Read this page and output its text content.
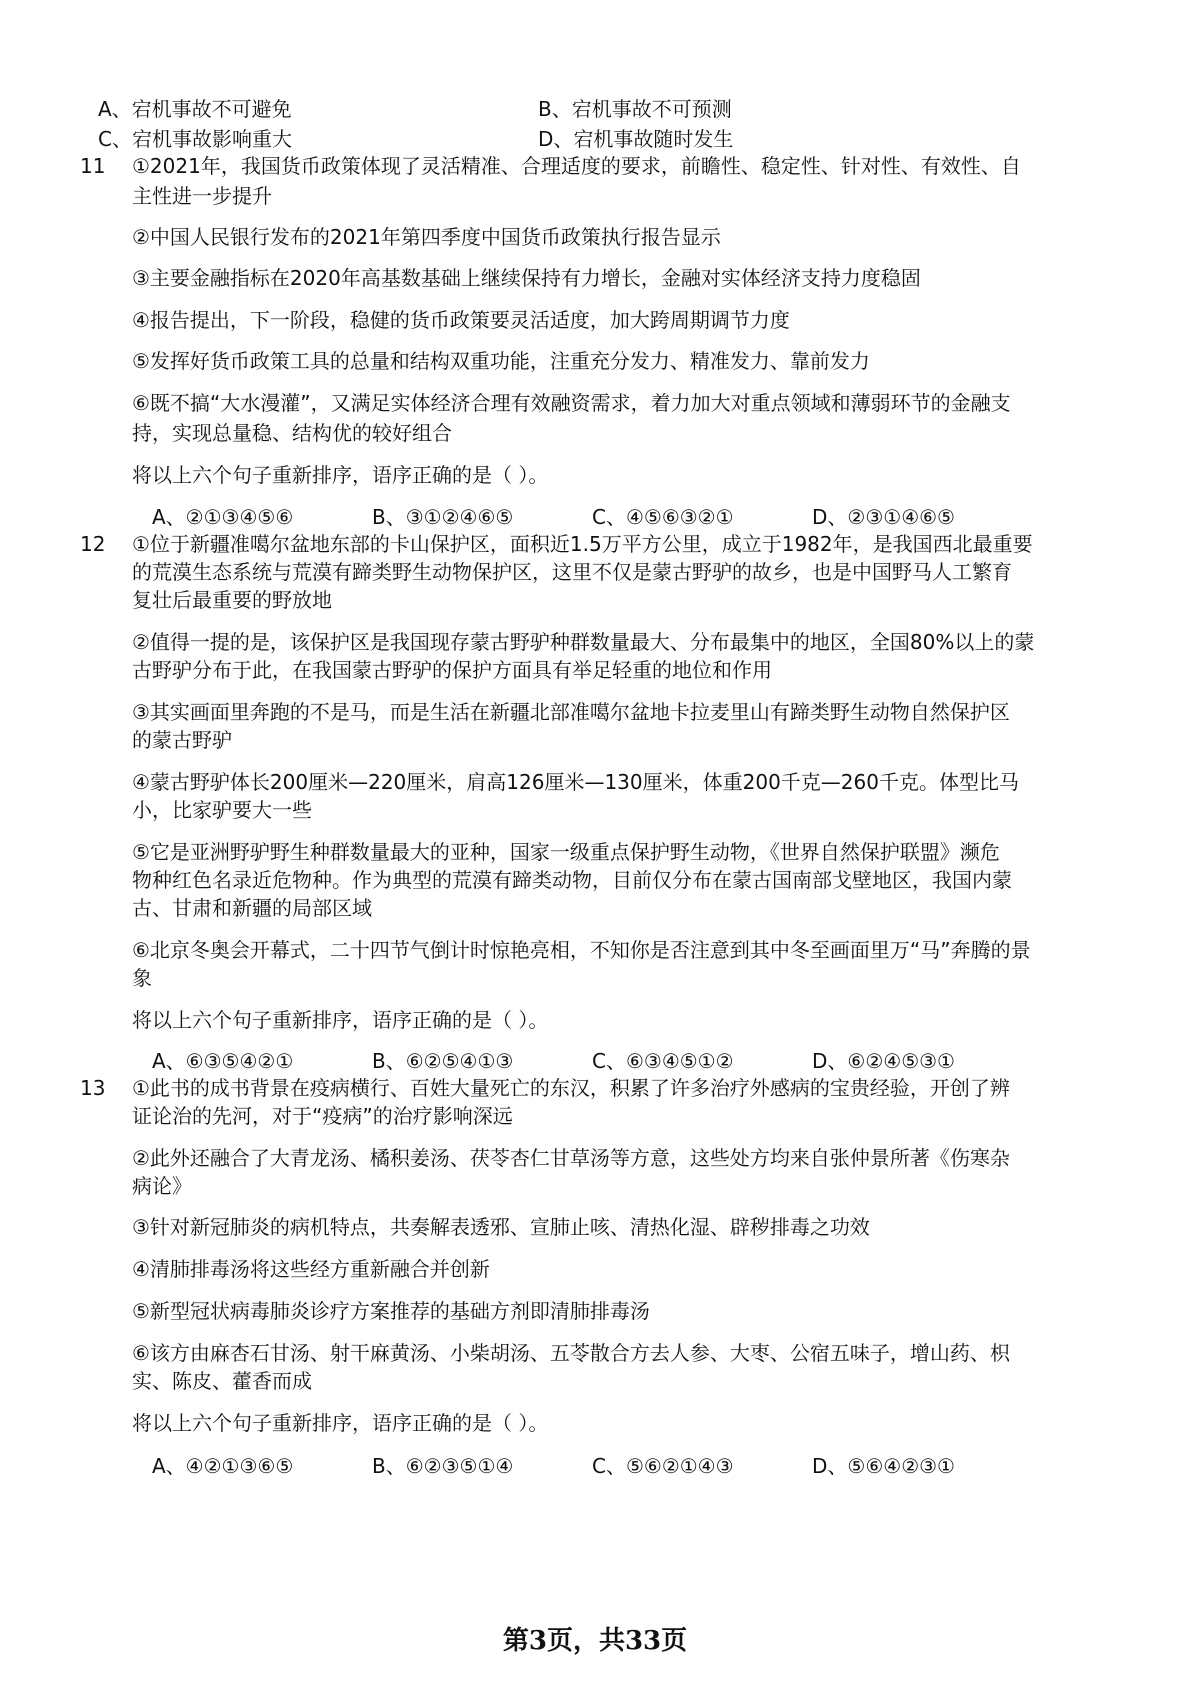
A、宕机事故不可避免	B、宕机事故不可预测
C、宕机事故影响重大	D、宕机事故随时发生
11 ①2021年，我国货币政策体现了灵活精准、合理适度的要求，前瞻性、稳定性、针对性、有效性、自
主性进一步提升
②中国人民银行发布的2021年第四季度中国货币政策执行报告显示
③主要金融指标在2020年高基数基础上继续保持有力增长，金融对实体经济支持力度稳固
④报告提出，下一阶段，稳健的货币政策要灵活适度，加大跨周期调节力度
⑤发挥好货币政策工具的总量和结构双重功能，注重充分发力、精准发力、靠前发力
⑥既不搞“大水漫灌”，又满足实体经济合理有效融资需求，着力加大对重点领域和薄弱环节的金融支
持，实现总量稳、结构优的较好组合
将以上六个句子重新排序，语序正确的是（ ）。
A、②①③④⑤⑥	B、③①②④⑥⑤	C、④⑤⑥③②①	D、②③①④⑥⑤
12 ①位于新疆准噶尔盆地东部的卡山保护区，面积近1.5万平方公里，成立于1982年，是我国西北最重要
的荒漠生态系统与荒漠有蹄类野生动物保护区，这里不仅是蒙古野驴的故乡，也是中国野马人工繁育
复壮后最重要的野放地
②值得一提的是，该保护区是我国现存蒙古野驴种群数量最大、分布最集中的地区，全国80%以上的蒙
古野驴分布于此，在我国蒙古野驴的保护方面具有举足轻重的地位和作用
③其实画面里奔跑的不是马，而是生活在新疆北部准噶尔盆地卡拉麦里山有蹄类野生动物自然保护区
的蒙古野驴
④蒙古野驴体长200厘米—220厘米，肩高126厘米—130厘米，体重200千克—260千克。体型比马
小，比家驴要大一些
⑤它是亚洲野驴野生种群数量最大的亚种，国家一级重点保护野生动物，《世界自然保护联盟》濒危
物种红色名录近危物种。作为典型的荒漠有蹄类动物，目前仅分布在蒙古国南部戈壁地区，我国内蒙
古、甘肃和新疆的局部区域
⑥北京冬奥会开幕式，二十四节气倒计时惊艳亮相，不知你是否注意到其中冬至画面里万“马”奔腾的景
象
将以上六个句子重新排序，语序正确的是（ ）。
A、⑥③⑤④②①	B、⑥②⑤④①③	C、⑥③④⑤①②	D、⑥②④⑤③①
13 ①此书的成书背景在疫病横行、百姓大量死亡的东汉，积累了许多治疗外感病的宝贵经验，开创了辨
证论治的先河，对于“疫病”的治疗影响深远
②此外还融合了大青龙汤、橘积姜汤、茯苓杏仁甘草汤等方意，这些处方均来自张仲景所著《伤寒杂
病论》
③针对新冠肺炎的病机特点，共奏解表透邪、宣肺止咳、清热化湿、辟秽排毒之功效
④清肺排毒汤将这些经方重新融合并创新
⑤新型冠状病毒肺炎诊疗方案推荐的基础方剂即清肺排毒汤
⑥该方由麻杏石甘汤、射干麻黄汤、小柴胡汤、五苓散合方去人参、大枣、公宿五味子，增山药、枳
实、陈皮、藿香而成
将以上六个句子重新排序，语序正确的是（ ）。
A、④②①③⑥⑤	B、⑥②③⑤①④	C、⑤⑥②①④③	D、⑤⑥④②③①
第3页，共33页
